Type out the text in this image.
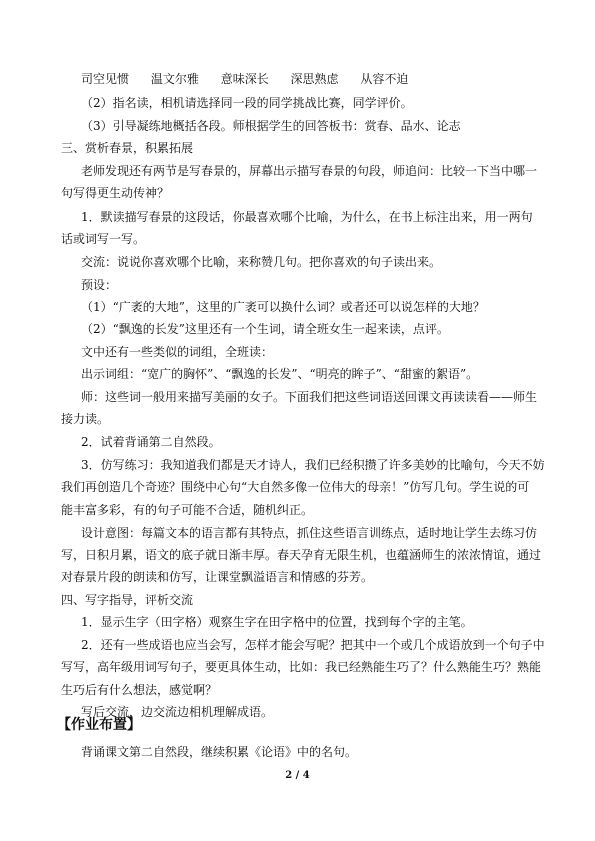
司空见惯 温文尔雅 意味深长 深思熟虑 从容不迫
（2）指名读，相机请选择同一段的同学挑战比赛，同学评价。
（3）引导凝练地概括各段。师根据学生的回答板书：赏春、品水、论志
三、赏析春景，积累拓展
老师发现还有两节是写春景的，屏幕出示描写春景的句段，师追问：比较一下当中哪一
句写得更生动传神？
1．默读描写春景的这段话，你最喜欢哪个比喻，为什么，在书上标注出来，用一两句
话或词写一写。
交流：说说你喜欢哪个比喻，来称赞几句。把你喜欢的句子读出来。
预设：
（1）“广袤的大地”，这里的广袤可以换什么词？或者还可以说怎样的大地？
（2）“飘逸的长发”这里还有一个生词，请全班女生一起来读，点评。
文中还有一些类似的词组，全班读：
出示词组：“宽广的胸怀”、“飘逸的长发”、“明亮的眸子”、“甜蜜的絮语”。
师：这些词一般用来描写美丽的女子。下面我们把这些词语送回课文再读读看——师生
接力读。
2．试着背诵第二自然段。
3．仿写练习：我知道我们都是天才诗人，我们已经积攒了许多美妙的比喻句，今天不妨
我们再创造几个奇迹？围绕中心句“大自然多像一位伟大的母亲！”仿写几句。学生说的可
能丰富多彩，有的句子可能不合适，随机纠正。
设计意图：每篇文本的语言都有其特点，抓住这些语言训练点，适时地让学生去练习仿
写，日积月累，语文的底子就日渐丰厚。春天孕育无限生机，也蕴涵师生的浓浓情谊，通过
对春景片段的朗读和仿写，让课堂飘溢语言和情感的芬芳。
四、写字指导，评析交流
1．显示生字（田字格）观察生字在田字格中的位置，找到每个字的主笔。
2．还有一些成语也应当会写，怎样才能会写呢？把其中一个或几个成语放到一个句子中
写写，高年级用词写句子，要更具体生动，比如：我已经熟能生巧了？什么熟能生巧？熟能
生巧后有什么想法，感觉啊？
写后交流，边交流边相机理解成语。
【作业布置】
背诵课文第二自然段，继续积累《论语》中的名句。
2 / 4
